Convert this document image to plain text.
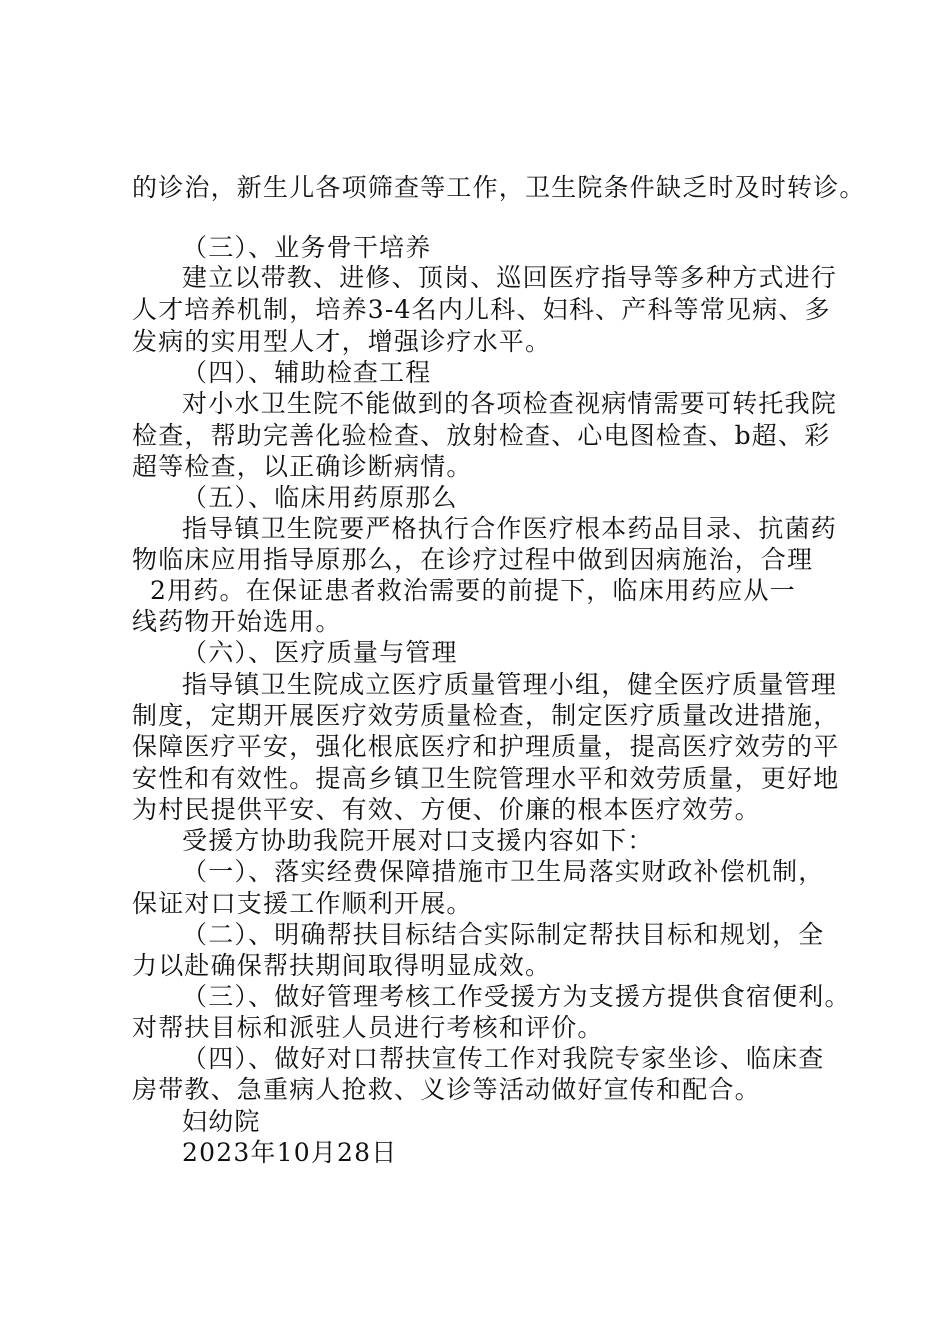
的诊治，新生儿各项筛查等工作，卫生院条件缺乏时及时转诊。
（三）、业务骨干培养
建立以带教、进修、顶岗、巡回医疗指导等多种方式进行
人才培养机制，培养3-4名内儿科、妇科、产科等常见病、多
发病的实用型人才，增强诊疗水平。
（四）、辅助检查工程
对小水卫生院不能做到的各项检查视病情需要可转托我院
检查，帮助完善化验检查、放射检查、心电图检查、b超、彩
超等检查，以正确诊断病情。
（五）、临床用药原那么
指导镇卫生院要严格执行合作医疗根本药品目录、抗菌药
物临床应用指导原那么，在诊疗过程中做到因病施治，合理
2用药。在保证患者救治需要的前提下，临床用药应从一
线药物开始选用。
（六）、医疗质量与管理
指导镇卫生院成立医疗质量管理小组，健全医疗质量管理
制度，定期开展医疗效劳质量检查，制定医疗质量改进措施，
保障医疗平安，强化根底医疗和护理质量，提高医疗效劳的平
安性和有效性。提高乡镇卫生院管理水平和效劳质量，更好地
为村民提供平安、有效、方便、价廉的根本医疗效劳。
受援方协助我院开展对口支援内容如下：
（一）、落实经费保障措施市卫生局落实财政补偿机制，
保证对口支援工作顺利开展。
（二）、明确帮扶目标结合实际制定帮扶目标和规划，全
力以赴确保帮扶期间取得明显成效。
（三）、做好管理考核工作受援方为支援方提供食宿便利。
对帮扶目标和派驻人员进行考核和评价。
（四）、做好对口帮扶宣传工作对我院专家坐诊、临床查
房带教、急重病人抢救、义诊等活动做好宣传和配合。
妇幼院
2023年10月28日
